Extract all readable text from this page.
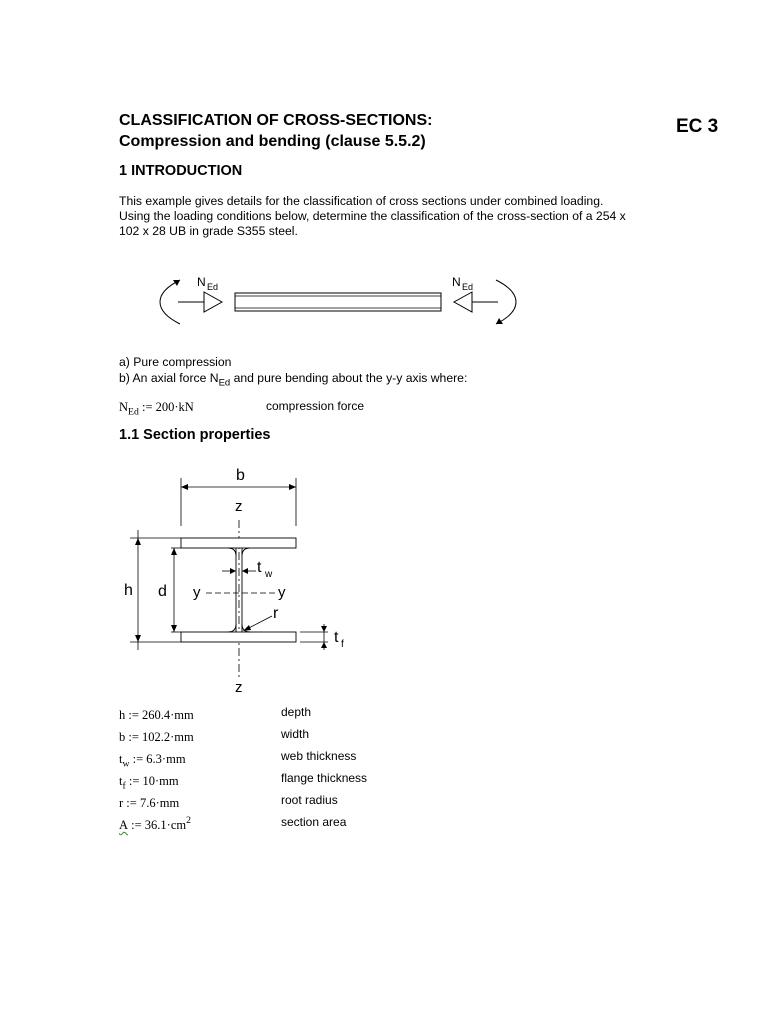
CLASSIFICATION OF CROSS-SECTIONS:
Compression and bending (clause 5.5.2)
EC 3
1 INTRODUCTION
This example gives details for the classification of cross sections under combined loading.
Using the loading conditions below, determine the classification of the cross-section of a 254 x
102 x 28 UB in grade S355 steel.
N Ed	N Ed
a) Pure compression
b) An axial force $N_{Ed}$ and pure bending about the y-y axis where:
$N_{Ed}$ := 200·kN	compression force
1.1 Section properties
b
z
z
h d y	y
t w
r
t f
h := 260.4·mm	depth
b := 102.2·mm	width
$t_w$ := 6.3·mm	web thickness
$t_f$ := 10·mm	flange thickness
r := 7.6·mm	root radius
A := $36.1\cdot cm^2$	section area
